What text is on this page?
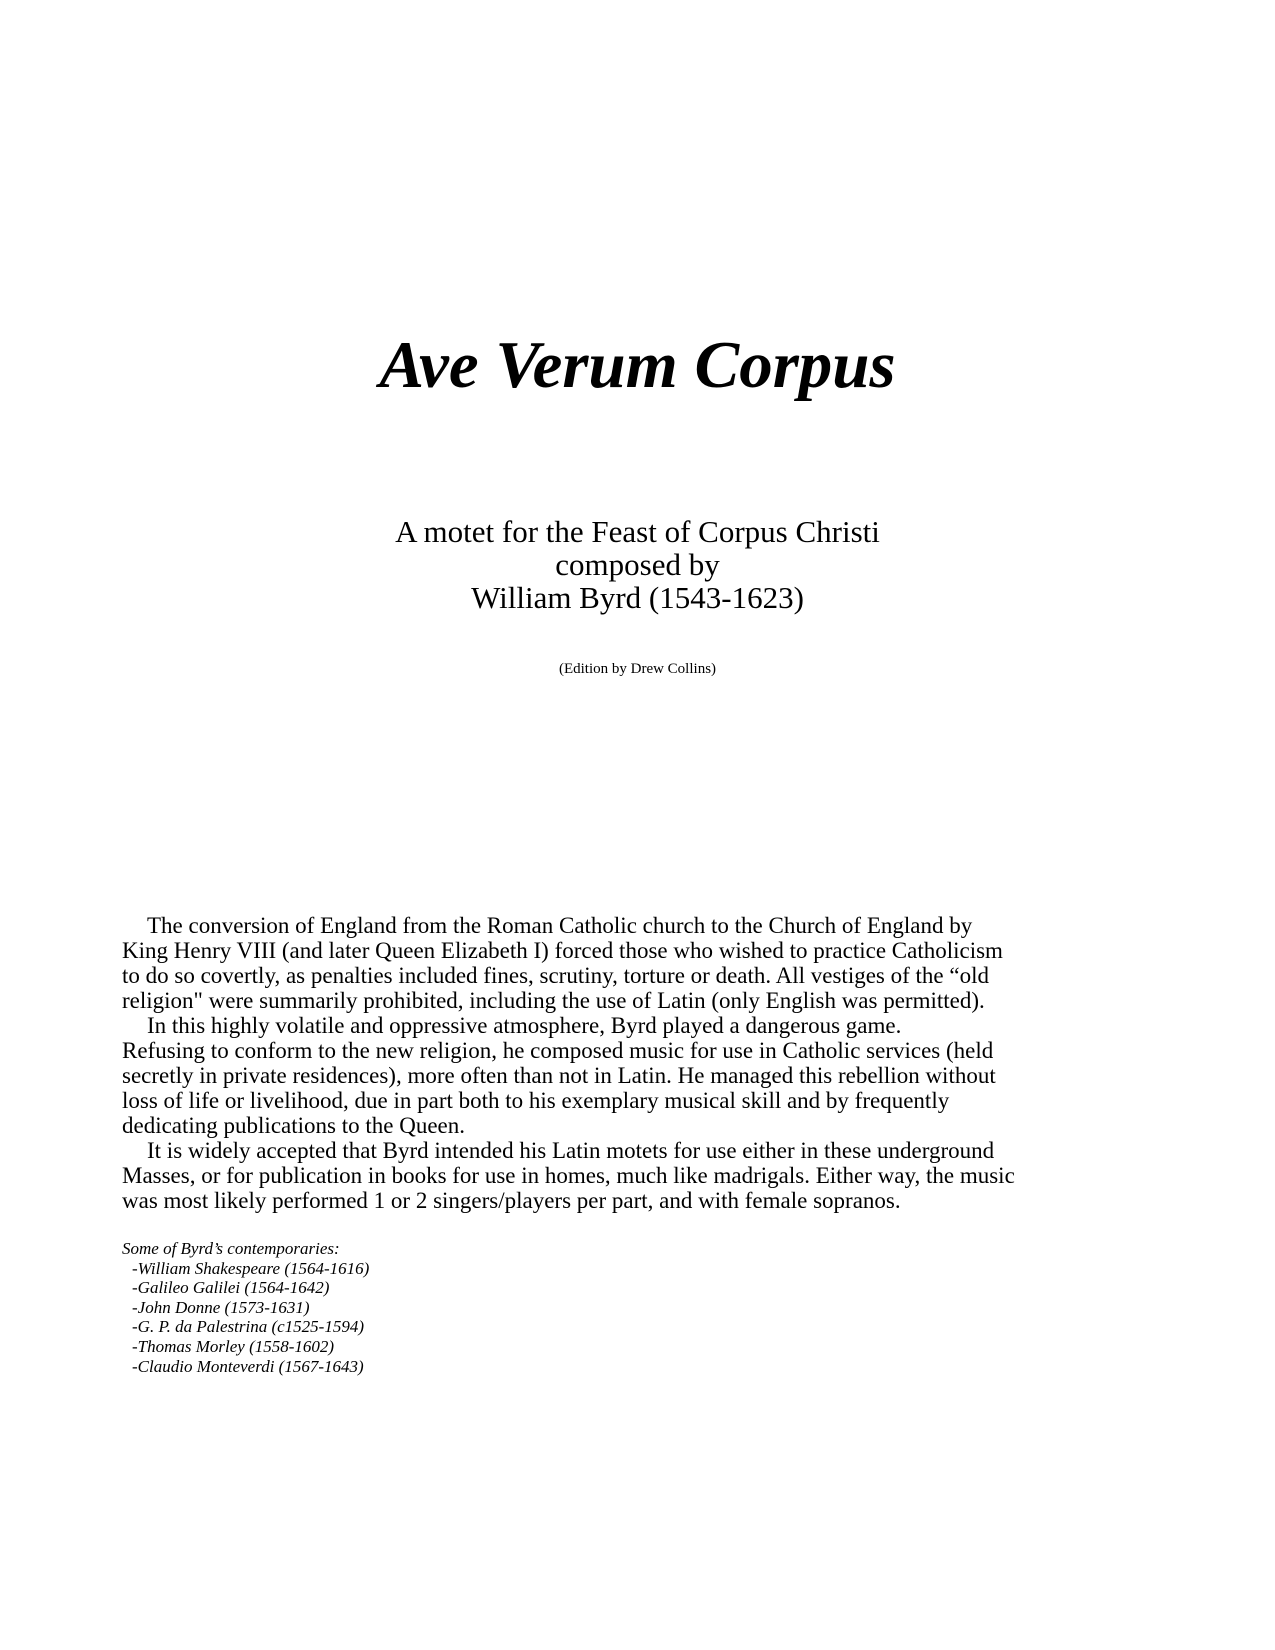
Ave Verum Corpus
A motet for the Feast of Corpus Christi
composed by
William Byrd (1543-1623)
(Edition by Drew Collins)
The conversion of England from the Roman Catholic church to the Church of England by
King Henry VIII (and later Queen Elizabeth I) forced those who wished to practice Catholicism
to do so covertly, as penalties included fines, scrutiny, torture or death. All vestiges of the “old
religion" were summarily prohibited, including the use of Latin (only English was permitted).
In this highly volatile and oppressive atmosphere, Byrd played a dangerous game.
Refusing to conform to the new religion, he composed music for use in Catholic services (held
secretly in private residences), more often than not in Latin. He managed this rebellion without
loss of life or livelihood, due in part both to his exemplary musical skill and by frequently
dedicating publications to the Queen.
It is widely accepted that Byrd intended his Latin motets for use either in these underground
Masses, or for publication in books for use in homes, much like madrigals. Either way, the music
was most likely performed 1 or 2 singers/players per part, and with female sopranos.
Some of Byrd’s contemporaries:
-William Shakespeare (1564-1616)
-Galileo Galilei (1564-1642)
-John Donne (1573-1631)
-G. P. da Palestrina (c1525-1594)
-Thomas Morley (1558-1602)
-Claudio Monteverdi (1567-1643)
